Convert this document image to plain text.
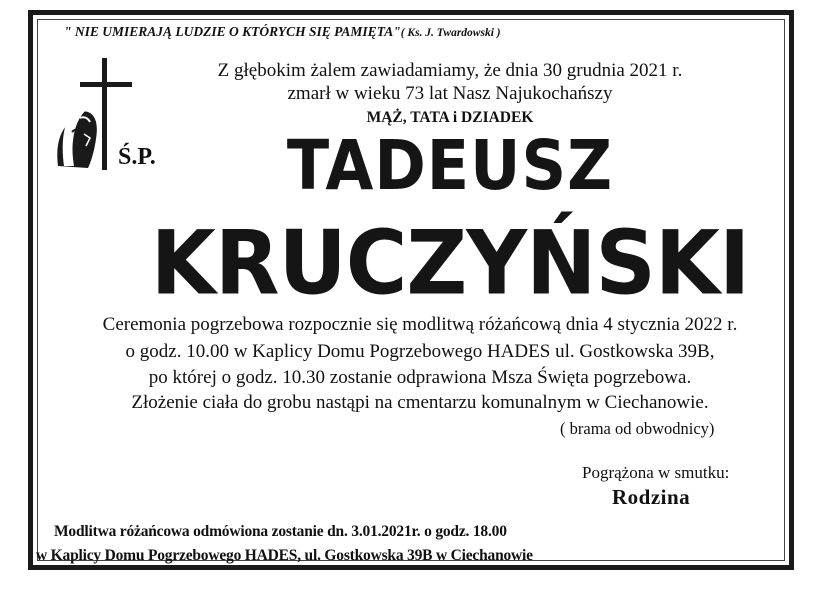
" NIE UMIERAJĄ LUDZIE O KTÓRYCH SIĘ PAMIĘTA"( Ks. J. Twardowski )
Ś.P.
Z głębokim żalem zawiadamiamy, że dnia 30 grudnia 2021 r.
zmarł w wieku 73 lat Nasz Najukochańszy
MĄŻ, TATA i DZIADEK
TADEUSZ
KRUCZYŃSKI
Ceremonia pogrzebowa rozpocznie się modlitwą różańcową dnia 4 stycznia 2022 r.
o godz. 10.00 w Kaplicy Domu Pogrzebowego HADES ul. Gostkowska 39B,
po której o godz. 10.30 zostanie odprawiona Msza Święta pogrzebowa.
Złożenie ciała do grobu nastąpi na cmentarzu komunalnym w Ciechanowie.
( brama od obwodnicy)
Pogrążona w smutku:
Rodzina
Modlitwa różańcowa odmówiona zostanie dn. 3.01.2021r. o godz. 18.00
w Kaplicy Domu Pogrzebowego HADES, ul. Gostkowska 39B w Ciechanowie
